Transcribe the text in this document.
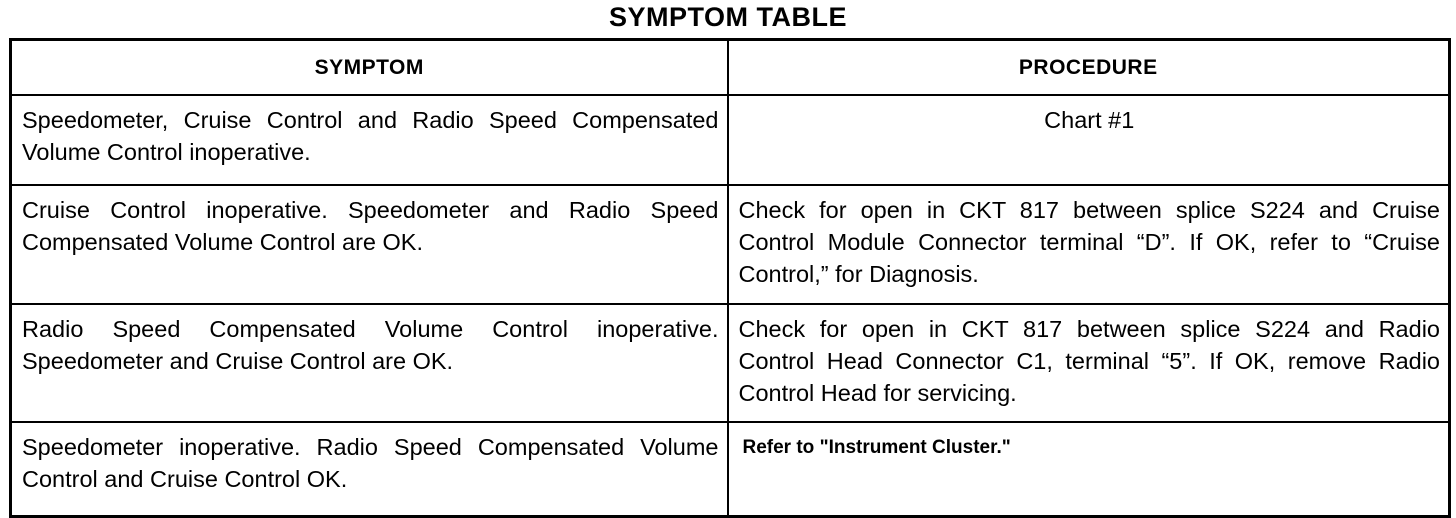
SYMPTOM TABLE
SYMPTOM	PROCEDURE

Speedometer, Cruise Control and Radio Speed Compensated Volume Control inoperative.	Chart #1

Cruise Control inoperative. Speedometer and Radio Speed Compensated Volume Control are OK.	Check for open in CKT 817 between splice S224 and Cruise Control Module Connector terminal “D”. If OK, refer to “Cruise Control,” for Diagnosis.

Radio Speed Compensated Volume Control inoperative. Speedometer and Cruise Control are OK.	Check for open in CKT 817 between splice S224 and Radio Control Head Connector C1, terminal “5”. If OK, remove Radio Control Head for servicing.

Speedometer inoperative. Radio Speed Compensated Volume Control and Cruise Control OK.	Refer to "Instrument Cluster."
